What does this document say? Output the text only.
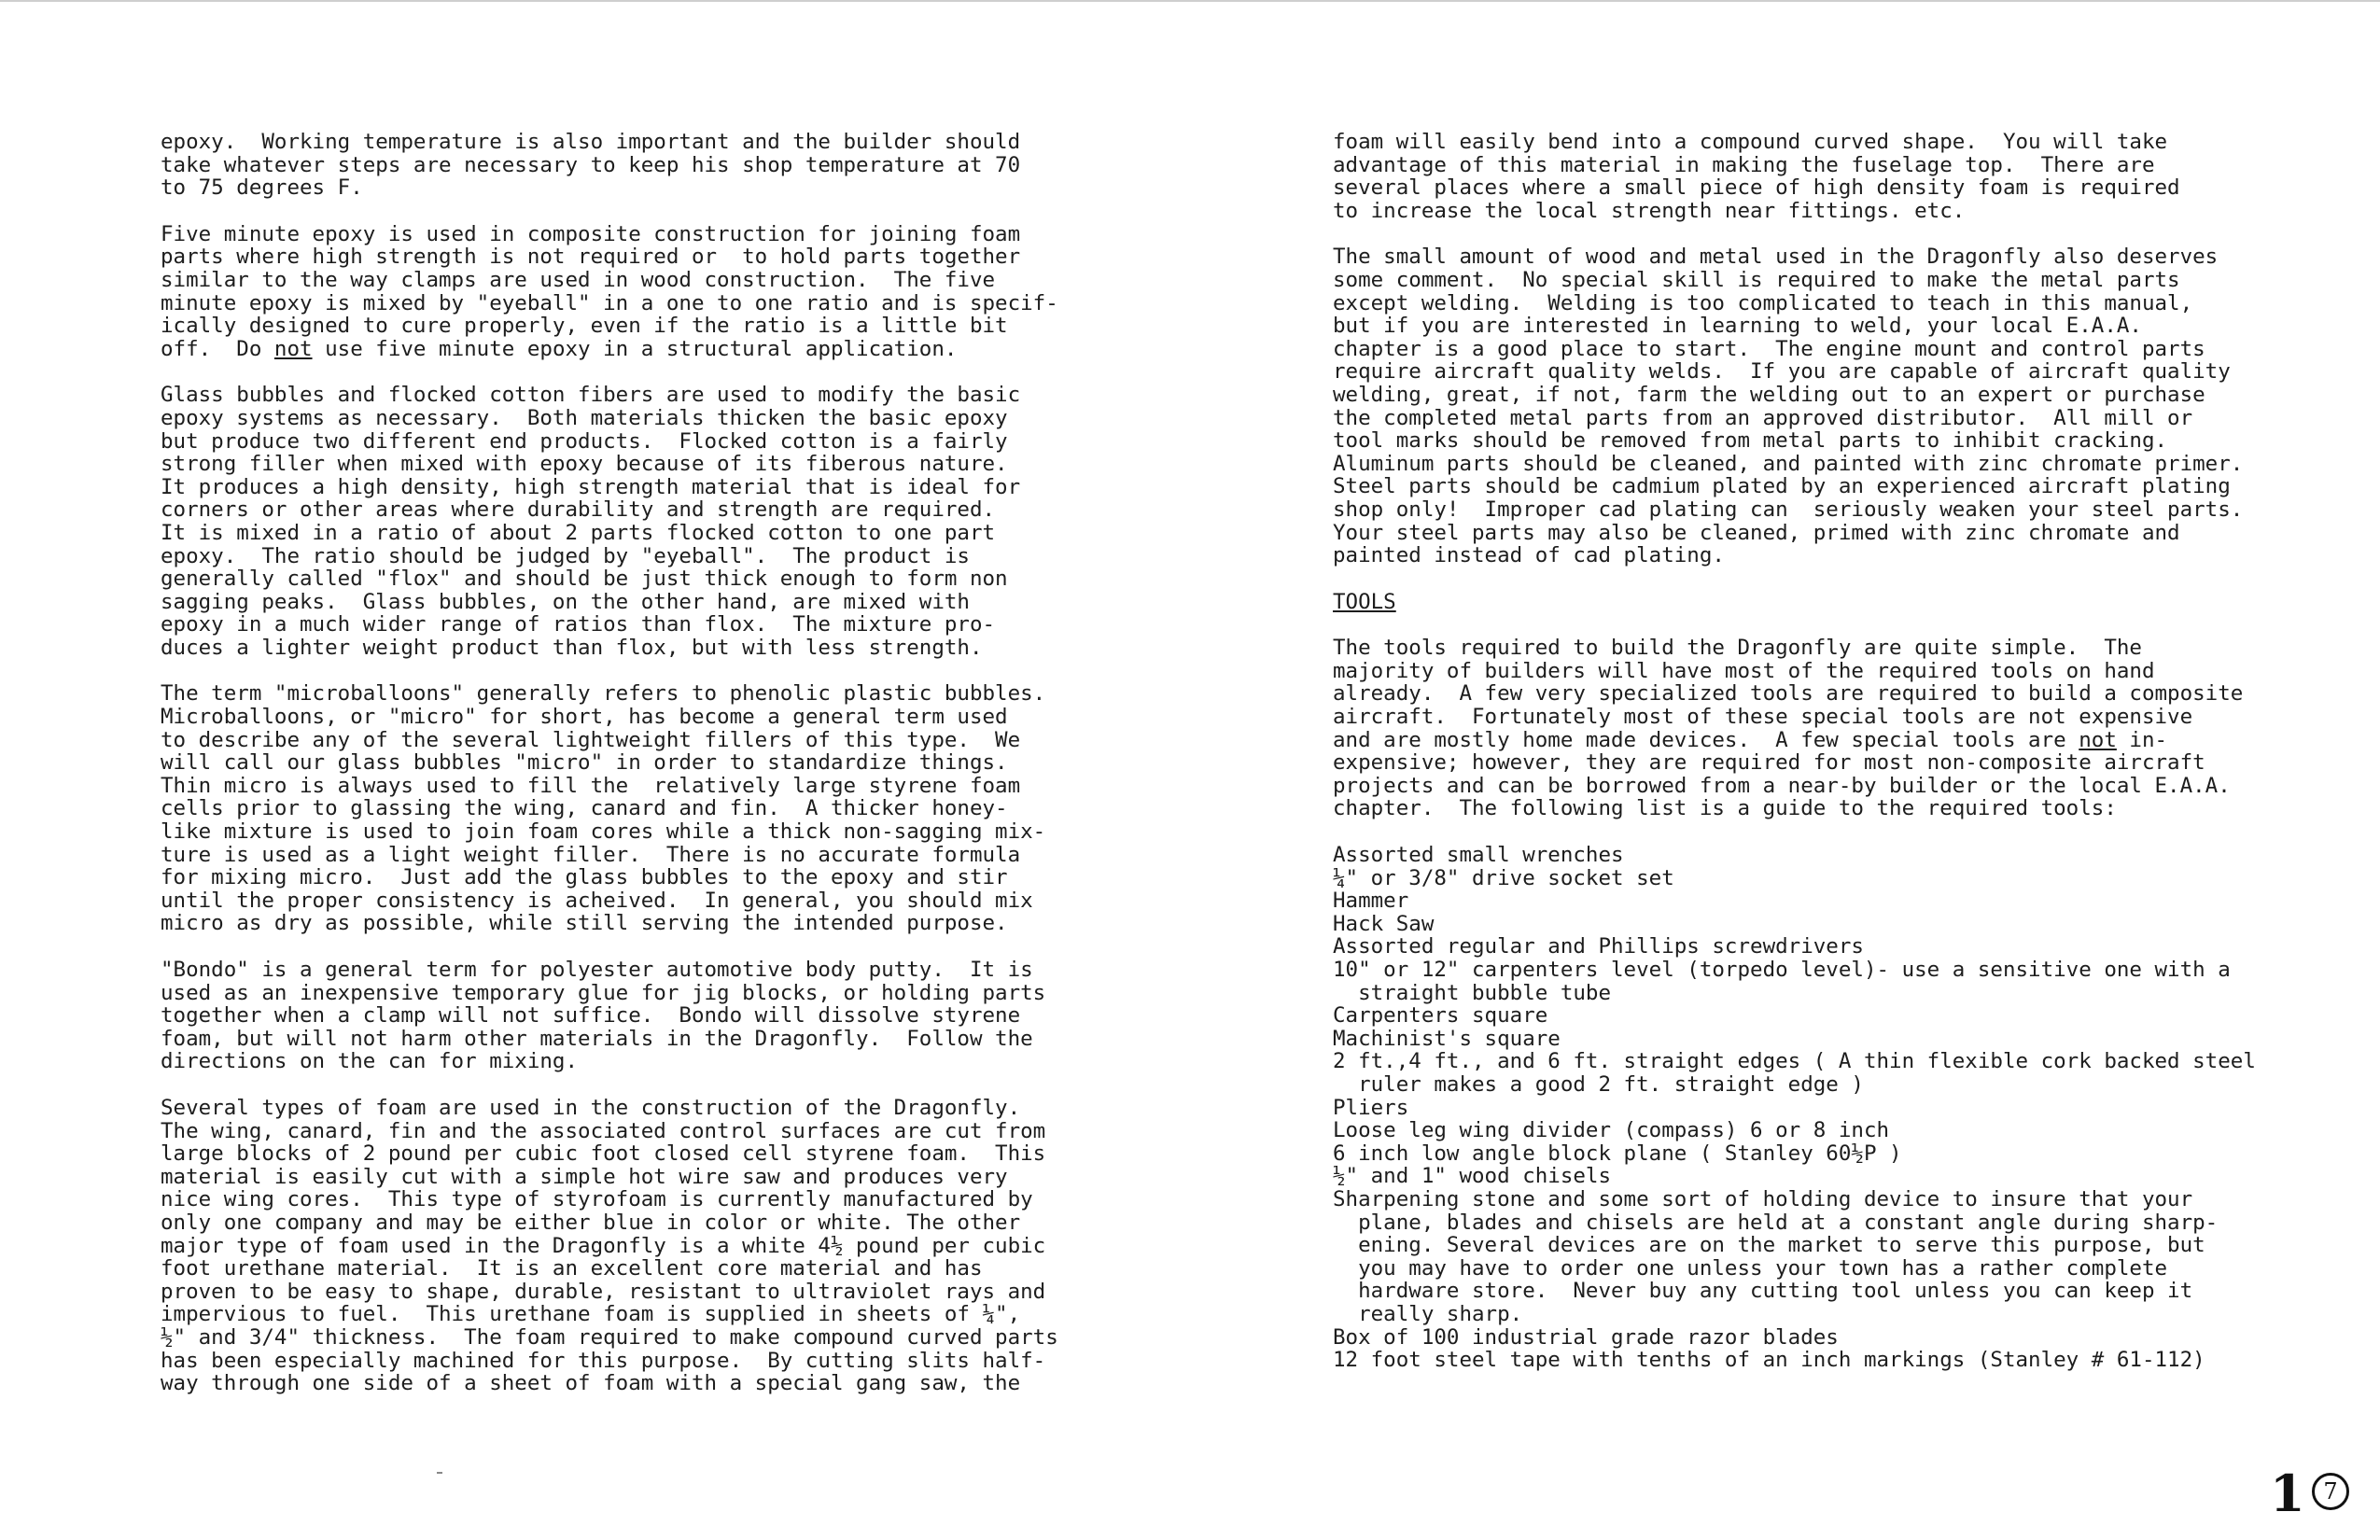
epoxy.  Working temperature is also important and the builder should
take whatever steps are necessary to keep his shop temperature at 70
to 75 degrees F.
Five minute epoxy is used in composite construction for joining foam
parts where high strength is not required or  to hold parts together
similar to the way clamps are used in wood construction.  The five
minute epoxy is mixed by "eyeball" in a one to one ratio and is specif-
ically designed to cure properly, even if the ratio is a little bit
off.  Do not use five minute epoxy in a structural application.
Glass bubbles and flocked cotton fibers are used to modify the basic
epoxy systems as necessary.  Both materials thicken the basic epoxy
but produce two different end products.  Flocked cotton is a fairly
strong filler when mixed with epoxy because of its fiberous nature.
It produces a high density, high strength material that is ideal for
corners or other areas where durability and strength are required.
It is mixed in a ratio of about 2 parts flocked cotton to one part
epoxy.  The ratio should be judged by "eyeball".  The product is
generally called "flox" and should be just thick enough to form non
sagging peaks.  Glass bubbles, on the other hand, are mixed with
epoxy in a much wider range of ratios than flox.  The mixture pro-
duces a lighter weight product than flox, but with less strength.
The term "microballoons" generally refers to phenolic plastic bubbles.
Microballoons, or "micro" for short, has become a general term used
to describe any of the several lightweight fillers of this type.  We
will call our glass bubbles "micro" in order to standardize things.
Thin micro is always used to fill the  relatively large styrene foam
cells prior to glassing the wing, canard and fin.  A thicker honey-
like mixture is used to join foam cores while a thick non-sagging mix-
ture is used as a light weight filler.  There is no accurate formula
for mixing micro.  Just add the glass bubbles to the epoxy and stir
until the proper consistency is acheived.  In general, you should mix
micro as dry as possible, while still serving the intended purpose.
"Bondo" is a general term for polyester automotive body putty.  It is
used as an inexpensive temporary glue for jig blocks, or holding parts
together when a clamp will not suffice.  Bondo will dissolve styrene
foam, but will not harm other materials in the Dragonfly.  Follow the
directions on the can for mixing.
Several types of foam are used in the construction of the Dragonfly.
The wing, canard, fin and the associated control surfaces are cut from
large blocks of 2 pound per cubic foot closed cell styrene foam.  This
material is easily cut with a simple hot wire saw and produces very
nice wing cores.  This type of styrofoam is currently manufactured by
only one company and may be either blue in color or white. The other
major type of foam used in the Dragonfly is a white 4½ pound per cubic
foot urethane material.  It is an excellent core material and has
proven to be easy to shape, durable, resistant to ultraviolet rays and
impervious to fuel.  This urethane foam is supplied in sheets of ¼",
½" and 3/4" thickness.  The foam required to make compound curved parts
has been especially machined for this purpose.  By cutting slits half-
way through one side of a sheet of foam with a special gang saw, the
foam will easily bend into a compound curved shape.  You will take
advantage of this material in making the fuselage top.  There are
several places where a small piece of high density foam is required
to increase the local strength near fittings. etc.
The small amount of wood and metal used in the Dragonfly also deserves
some comment.  No special skill is required to make the metal parts
except welding.  Welding is too complicated to teach in this manual,
but if you are interested in learning to weld, your local E.A.A.
chapter is a good place to start.  The engine mount and control parts
require aircraft quality welds.  If you are capable of aircraft quality
welding, great, if not, farm the welding out to an expert or purchase
the completed metal parts from an approved distributor.  All mill or
tool marks should be removed from metal parts to inhibit cracking.
Aluminum parts should be cleaned, and painted with zinc chromate primer.
Steel parts should be cadmium plated by an experienced aircraft plating
shop only!  Improper cad plating can  seriously weaken your steel parts.
Your steel parts may also be cleaned, primed with zinc chromate and
painted instead of cad plating.
TOOLS
The tools required to build the Dragonfly are quite simple.  The
majority of builders will have most of the required tools on hand
already.  A few very specialized tools are required to build a composite
aircraft.  Fortunately most of these special tools are not expensive
and are mostly home made devices.  A few special tools are not in-
expensive; however, they are required for most non-composite aircraft
projects and can be borrowed from a near-by builder or the local E.A.A.
chapter.  The following list is a guide to the required tools:
Assorted small wrenches
¼" or 3/8" drive socket set
Hammer
Hack Saw
Assorted regular and Phillips screwdrivers
10" or 12" carpenters level (torpedo level)- use a sensitive one with a
straight bubble tube
Carpenters square
Machinist's square
2 ft.,4 ft., and 6 ft. straight edges ( A thin flexible cork backed steel
ruler makes a good 2 ft. straight edge )
Pliers
Loose leg wing divider (compass) 6 or 8 inch
6 inch low angle block plane ( Stanley 60½P )
½" and 1" wood chisels
Sharpening stone and some sort of holding device to insure that your
plane, blades and chisels are held at a constant angle during sharp-
ening. Several devices are on the market to serve this purpose, but
you may have to order one unless your town has a rather complete
hardware store.  Never buy any cutting tool unless you can keep it
really sharp.
Box of 100 industrial grade razor blades
12 foot steel tape with tenths of an inch markings (Stanley # 61-112)
1 7
